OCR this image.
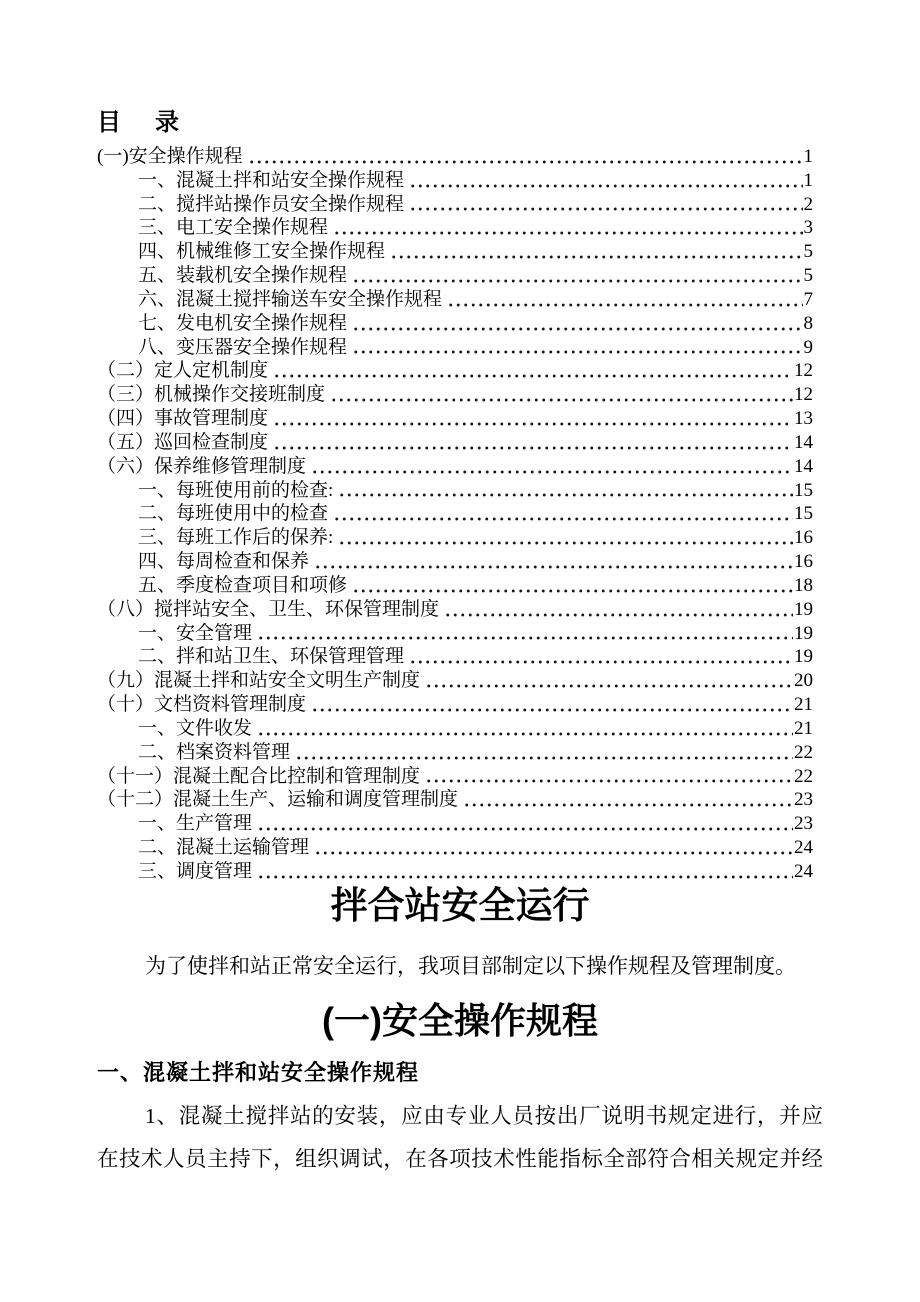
目　录
(一)安全操作规程	1
一、混凝土拌和站安全操作规程	1
二、搅拌站操作员安全操作规程	2
三、电工安全操作规程	3
四、机械维修工安全操作规程	5
五、装载机安全操作规程	5
六、混凝土搅拌输送车安全操作规程	7
七、发电机安全操作规程	8
八、变压器安全操作规程	9
（二）定人定机制度	12
（三）机械操作交接班制度	12
（四）事故管理制度	13
（五）巡回检查制度	14
（六）保养维修管理制度	14
一、每班使用前的检查:	15
二、每班使用中的检查	15
三、每班工作后的保养:	16
四、每周检查和保养	16
五、季度检查项目和项修	18
（八）搅拌站安全、卫生、环保管理制度	19
一、安全管理	19
二、拌和站卫生、环保管理管理	19
（九）混凝土拌和站安全文明生产制度	20
（十）文档资料管理制度	21
一、文件收发	21
二、档案资料管理	22
（十一）混凝土配合比控制和管理制度	22
（十二）混凝土生产、运输和调度管理制度	23
一、生产管理	23
二、混凝土运输管理	24
三、调度管理	24
拌合站安全运行

为了使拌和站正常安全运行，我项目部制定以下操作规程及管理制度。

(一)安全操作规程
一、混凝土拌和站安全操作规程
1、混凝土搅拌站的安装，应由专业人员按出厂说明书规定进行，并应
在技术人员主持下，组织调试，在各项技术性能指标全部符合相关规定并经
